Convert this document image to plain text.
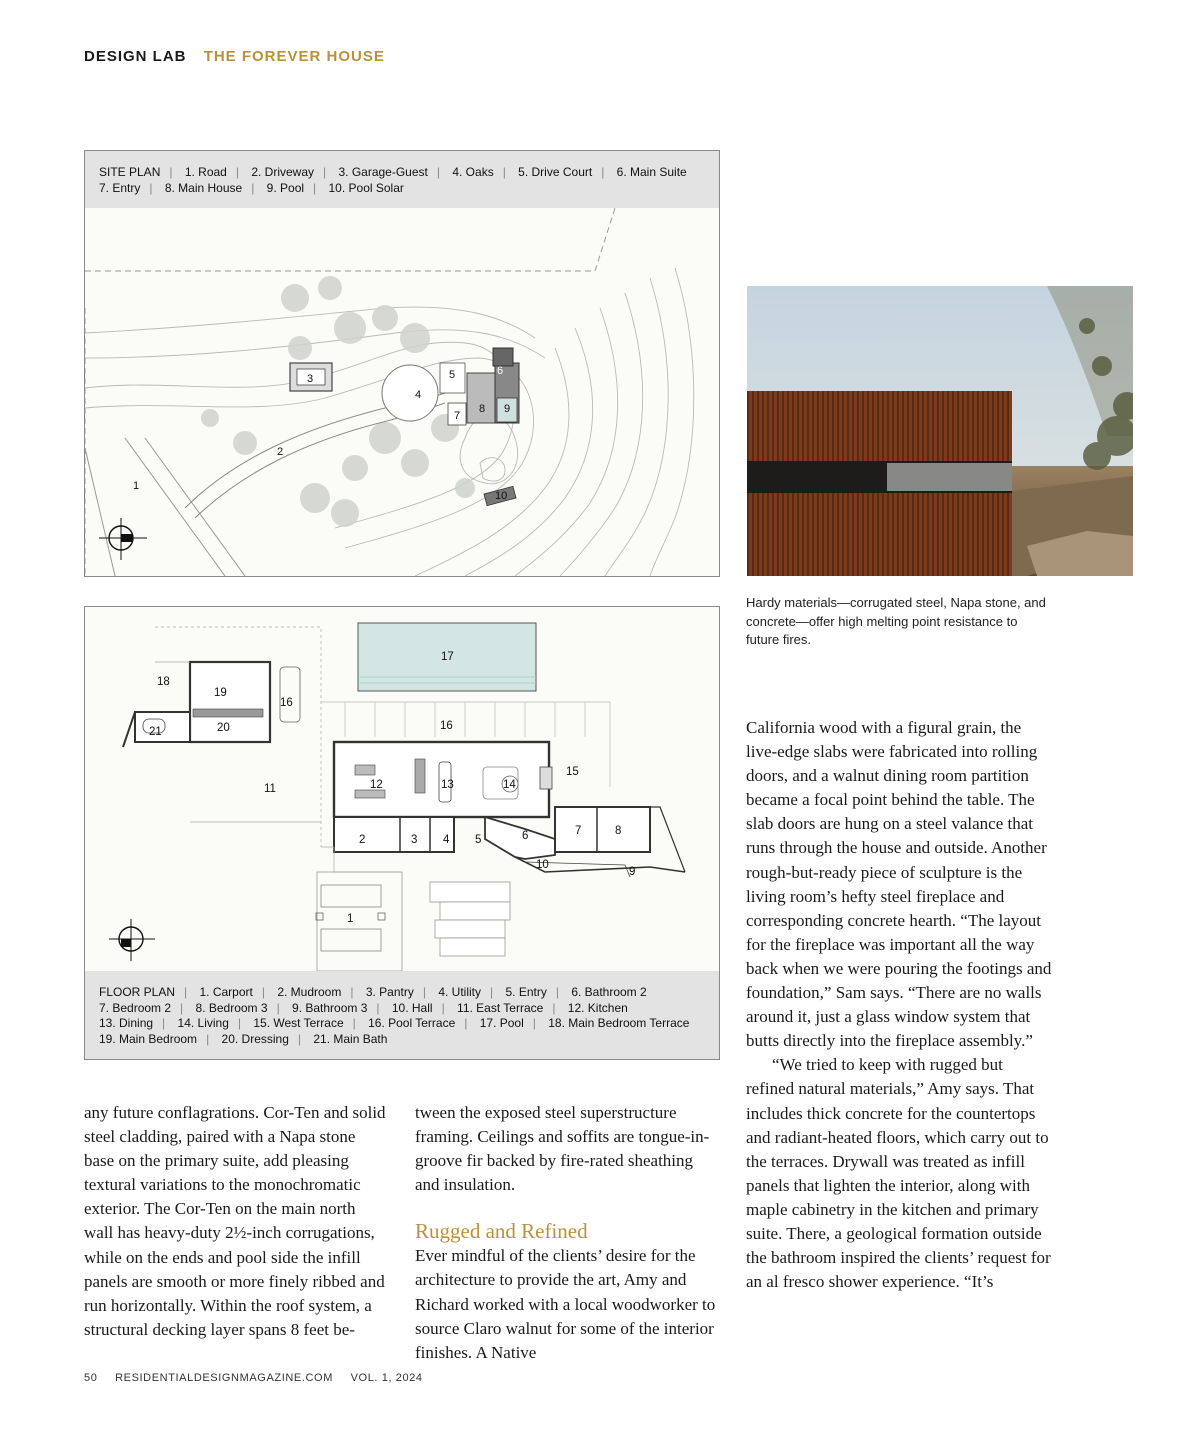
DESIGN LAB THE FOREVER HOUSE
SITE PLAN | 1. Road | 2. Driveway | 3. Garage-Guest | 4. Oaks | 5. Drive Court | 6. Main Suite
7. Entry | 8. Main House | 9. Pool | 10. Pool Solar
1
2
3
4
5	6
7
8 9
10
Hardy materials—corrugated steel, Napa stone, and concrete—offer high melting point resistance to future fires.
1
2	3 4 5	6	7	8
9
10
11	12	13	14
15
16
16
17
18
19
20
21
FLOOR PLAN | 1. Carport | 2. Mudroom | 3. Pantry | 4. Utility | 5. Entry | 6. Bathroom 2
7. Bedroom 2 | 8. Bedroom 3 | 9. Bathroom 3 | 10. Hall | 11. East Terrace | 12. Kitchen
13. Dining | 14. Living | 15. West Terrace | 16. Pool Terrace | 17. Pool | 18. Main Bedroom Terrace
19. Main Bedroom | 20. Dressing | 21. Main Bath

any future conflagrations. Cor-Ten and solid steel cladding, paired with a Napa stone base on the primary suite, add pleasing textural variations to the monochromatic exterior. The Cor-Ten on the main north wall has heavy-duty 2½-inch corrugations, while on the ends and pool side the infill panels are smooth or more finely ribbed and run horizontally. Within the roof system, a structural decking layer spans 8 feet be-

tween the exposed steel superstructure framing. Ceilings and soffits are tongue-in-groove fir backed by fire-rated sheathing and insulation.

Rugged and Refined

Ever mindful of the clients’ desire for the architecture to provide the art, Amy and Richard worked with a local woodworker to source Claro walnut for some of the interior finishes. A Native

California wood with a figural grain, the live-edge slabs were fabricated into rolling doors, and a walnut dining room partition became a focal point behind the table. The slab doors are hung on a steel valance that runs through the house and outside. Another rough-but-ready piece of sculpture is the living room’s hefty steel fireplace and corresponding concrete hearth. “The layout for the fireplace was important all the way back when we were pouring the footings and foundation,” Sam says. “There are no walls around it, just a glass window system that butts directly into the fireplace assembly.”

“We tried to keep with rugged but refined natural materials,” Amy says. That includes thick concrete for the countertops and radiant-heated floors, which carry out to the terraces. Drywall was treated as infill panels that lighten the interior, along with maple cabinetry in the kitchen and primary suite. There, a geological formation outside the bathroom inspired the clients’ request for an al fresco shower experience. “It’s

50 RESIDENTIALDESIGNMAGAZINE.COM VOL. 1, 2024
